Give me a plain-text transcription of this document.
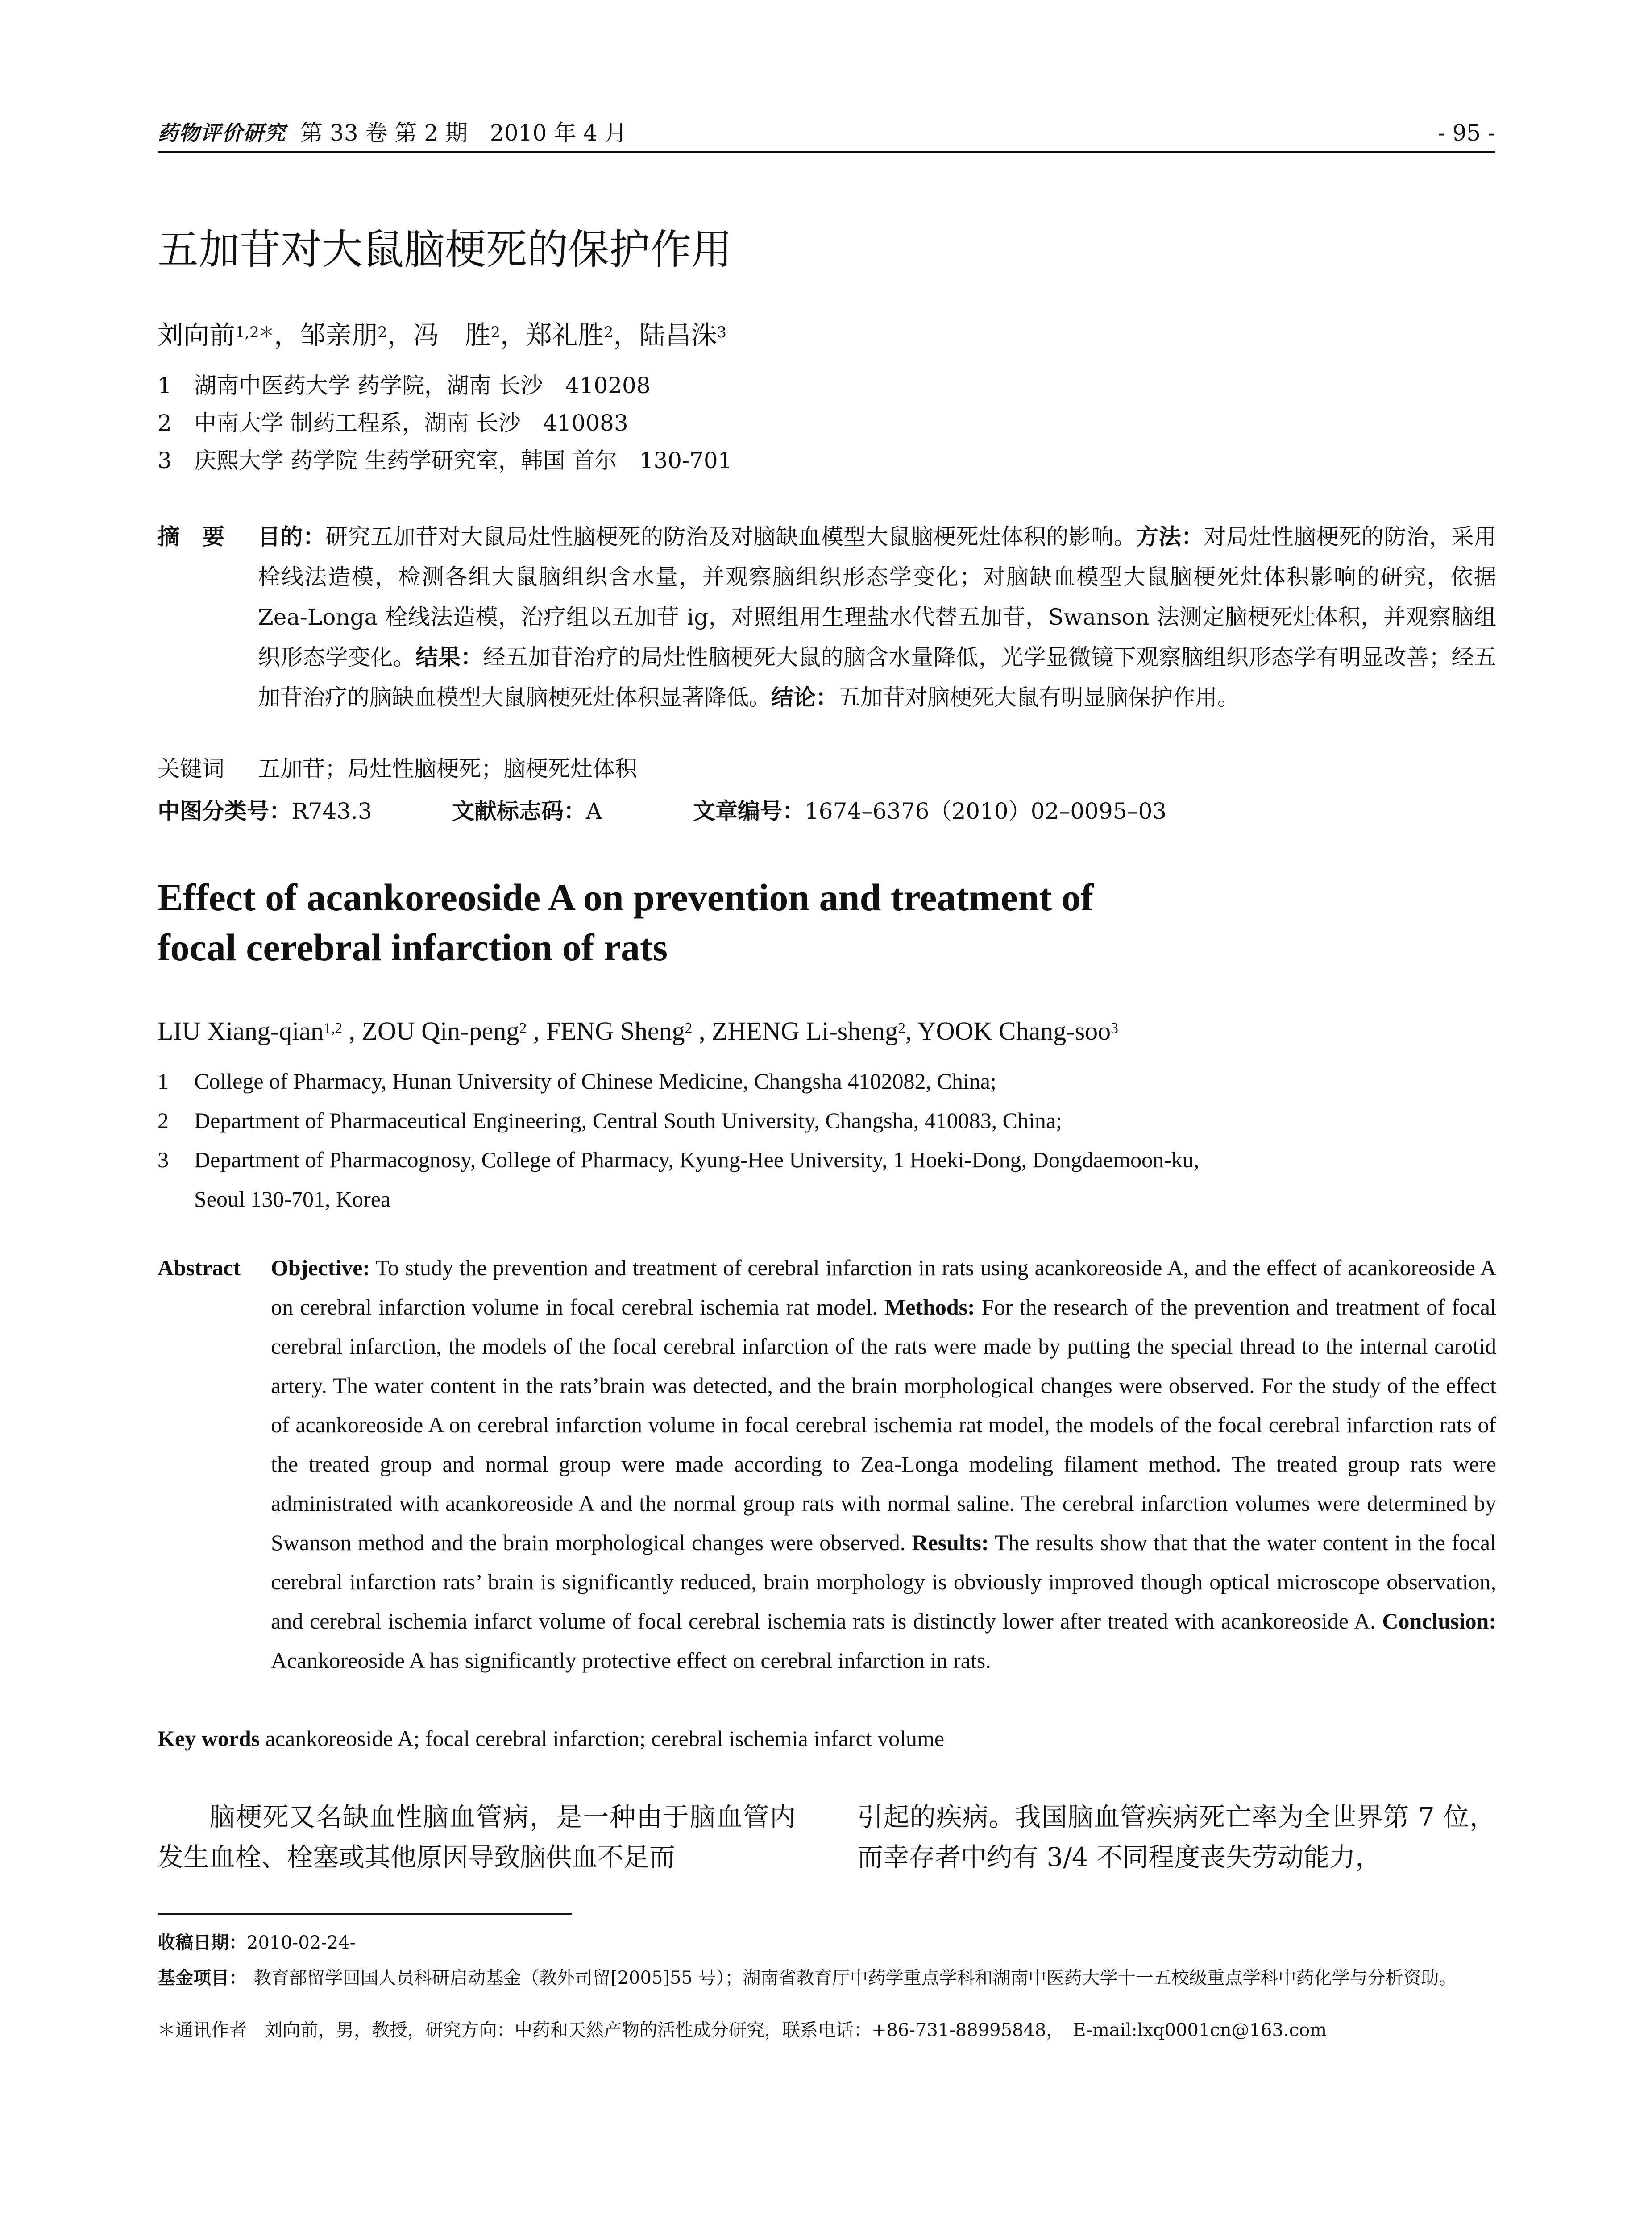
药物评价研究 第 33 卷 第 2 期　2010 年 4 月	- 95 -
五加苷对大鼠脑梗死的保护作用
刘向前$^{1,2*}$，邹亲朋$^2$，冯　胜$^2$，郑礼胜$^2$，陆昌洙$^3$
1 湖南中医药大学 药学院，湖南 长沙　410208
2 中南大学 制药工程系，湖南 长沙　410083
3 庆熙大学 药学院 生药学研究室，韩国 首尔　130-701
摘　要 目的：研究五加苷对大鼠局灶性脑梗死的防治及对脑缺血模型大鼠脑梗死灶体积的影响。方法：对局灶性脑梗死的防治，采用栓线法造模，检测各组大鼠脑组织含水量，并观察脑组织形态学变化；对脑缺血模型大鼠脑梗死灶体积影响的研究，依据 Zea-Longa 栓线法造模，治疗组以五加苷 ig，对照组用生理盐水代替五加苷，Swanson 法测定脑梗死灶体积，并观察脑组织形态学变化。结果：经五加苷治疗的局灶性脑梗死大鼠的脑含水量降低，光学显微镜下观察脑组织形态学有明显改善；经五加苷治疗的脑缺血模型大鼠脑梗死灶体积显著降低。结论：五加苷对脑梗死大鼠有明显脑保护作用。
关键词 五加苷；局灶性脑梗死；脑梗死灶体积
中图分类号：R743.3	文献标志码：A	文章编号：1674–6376（2010）02–0095–03
Effect of acankoreoside A on prevention and treatment of
focal cerebral infarction of rats
LIU Xiang-qian$^{1,2}$ , ZOU Qin-peng$^2$ , FENG Sheng$^2$ , ZHENG Li-sheng$^2$, YOOK Chang-soo$^3$
1 College of Pharmacy, Hunan University of Chinese Medicine, Changsha 4102082, China;
2 Department of Pharmaceutical Engineering, Central South University, Changsha, 410083, China;
3 Department of Pharmacognosy, College of Pharmacy, Kyung-Hee University, 1 Hoeki-Dong, Dongdaemoon-ku,
Seoul 130-701, Korea
Abstract Objective: To study the prevention and treatment of cerebral infarction in rats using acankoreoside A, and the effect of acankoreoside A on cerebral infarction volume in focal cerebral ischemia rat model. Methods: For the research of the prevention and treatment of focal cerebral infarction, the models of the focal cerebral infarction of the rats were made by putting the special thread to the internal carotid artery. The water content in the rats’brain was detected, and the brain morphological changes were observed. For the study of the effect of acankoreoside A on cerebral infarction volume in focal cerebral ischemia rat model, the models of the focal cerebral infarction rats of the treated group and normal group were made according to Zea-Longa modeling filament method. The treated group rats were administrated with acankoreoside A and the normal group rats with normal saline. The cerebral infarction volumes were determined by Swanson method and the brain morphological changes were observed. Results: The results show that that the water content in the focal cerebral infarction rats’ brain is significantly reduced, brain morphology is obviously improved though optical microscope observation, and cerebral ischemia infarct volume of focal cerebral ischemia rats is distinctly lower after treated with acankoreoside A. Conclusion: Acankoreoside A has significantly protective effect on cerebral infarction in rats.
Key words acankoreoside A; focal cerebral infarction; cerebral ischemia infarct volume
脑梗死又名缺血性脑血管病，是一种由于脑血管内发生血栓、栓塞或其他原因导致脑供血不足而
引起的疾病。我国脑血管疾病死亡率为全世界第 7 位，而幸存者中约有 3/4 不同程度丧失劳动能力，
收稿日期：2010-02-24-
基金项目： 教育部留学回国人员科研启动基金（教外司留[2005]55 号）；湖南省教育厅中药学重点学科和湖南中医药大学十一五校级重点学科中药化学与分析资助。
＊通讯作者　 刘向前，男，教授，研究方向：中药和天然产物的活性成分研究，联系电话：+86-731-88995848，　E-mail:lxq0001cn@163.com
